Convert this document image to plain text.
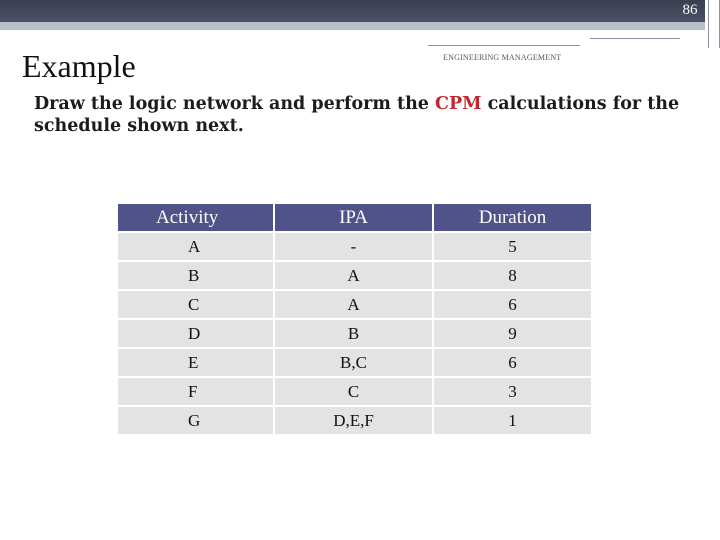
86
Example	ENGINEERING MANAGEMENT
Draw the logic network and perform the CPM calculations for the schedule shown next.
Activity	IPA	Duration
A	-	5
B	A	8
C	A	6
D	B	9
E	B,C	6
F	C	3
G	D,E,F	1
